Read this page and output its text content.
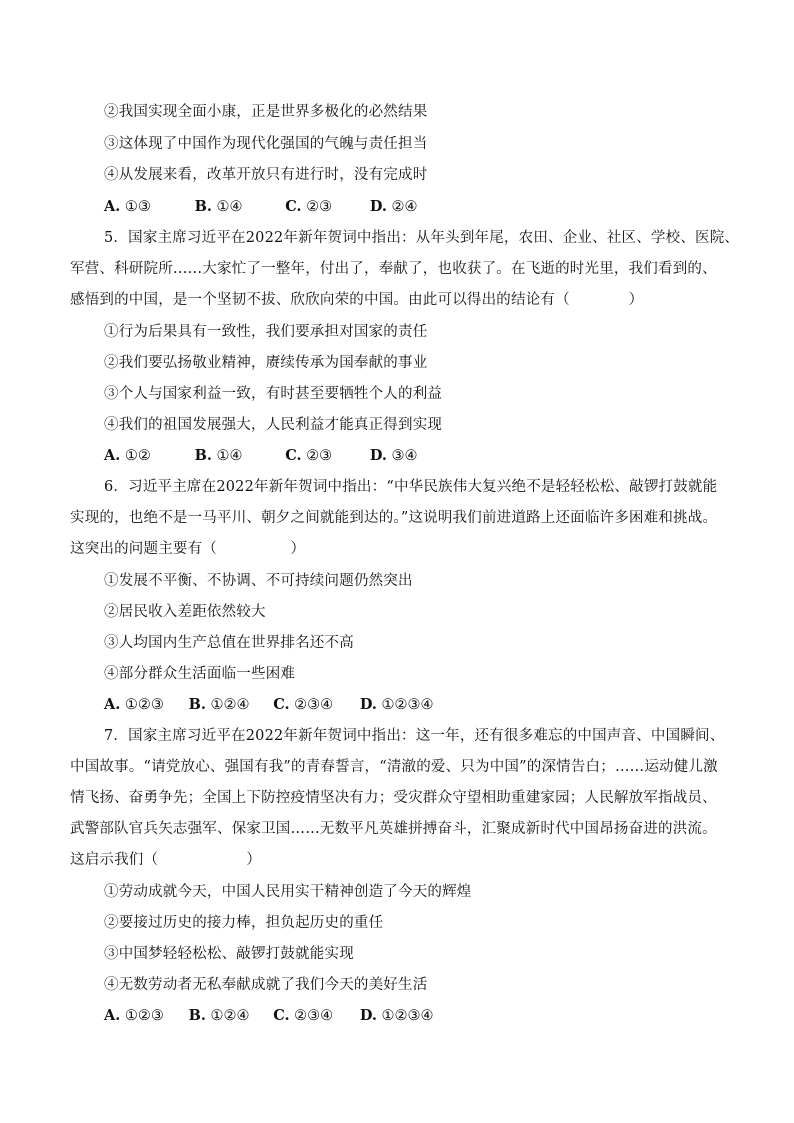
②我国实现全面小康，正是世界多极化的必然结果
③这体现了中国作为现代化强国的气魄与责任担当
④从发展来看，改革开放只有进行时，没有完成时
A. ①③	B. ①④	C. ②③	D. ②④
5．国家主席习近平在2022年新年贺词中指出：从年头到年尾，农田、企业、社区、学校、医院、
军营、科研院所……大家忙了一整年，付出了，奉献了，也收获了。在飞逝的时光里，我们看到的、
感悟到的中国，是一个坚韧不拔、欣欣向荣的中国。由此可以得出的结论有（　　　　）
①行为后果具有一致性，我们要承担对国家的责任
②我们要弘扬敬业精神，赓续传承为国奉献的事业
③个人与国家利益一致，有时甚至要牺牲个人的利益
④我们的祖国发展强大，人民利益才能真正得到实现
A. ①②	B. ①④	C. ②③	D. ③④
6．习近平主席在2022年新年贺词中指出：“中华民族伟大复兴绝不是轻轻松松、敲锣打鼓就能
实现的，也绝不是一马平川、朝夕之间就能到达的。”这说明我们前进道路上还面临许多困难和挑战。
这突出的问题主要有（　　　　　）
①发展不平衡、不协调、不可持续问题仍然突出
②居民收入差距依然较大
③人均国内生产总值在世界排名还不高
④部分群众生活面临一些困难
A. ①②③ B. ①②④ C. ②③④ D. ①②③④
7．国家主席习近平在2022年新年贺词中指出：这一年，还有很多难忘的中国声音、中国瞬间、
中国故事。“请党放心、强国有我”的青春誓言，“清澈的爱、只为中国”的深情告白；……运动健儿激
情飞扬、奋勇争先；全国上下防控疫情坚决有力；受灾群众守望相助重建家园；人民解放军指战员、
武警部队官兵矢志强军、保家卫国……无数平凡英雄拼搏奋斗，汇聚成新时代中国昂扬奋进的洪流。
这启示我们（　　　　　　）
①劳动成就今天，中国人民用实干精神创造了今天的辉煌
②要接过历史的接力棒，担负起历史的重任
③中国梦轻轻松松、敲锣打鼓就能实现
④无数劳动者无私奉献成就了我们今天的美好生活
A. ①②③ B. ①②④ C. ②③④ D. ①②③④
